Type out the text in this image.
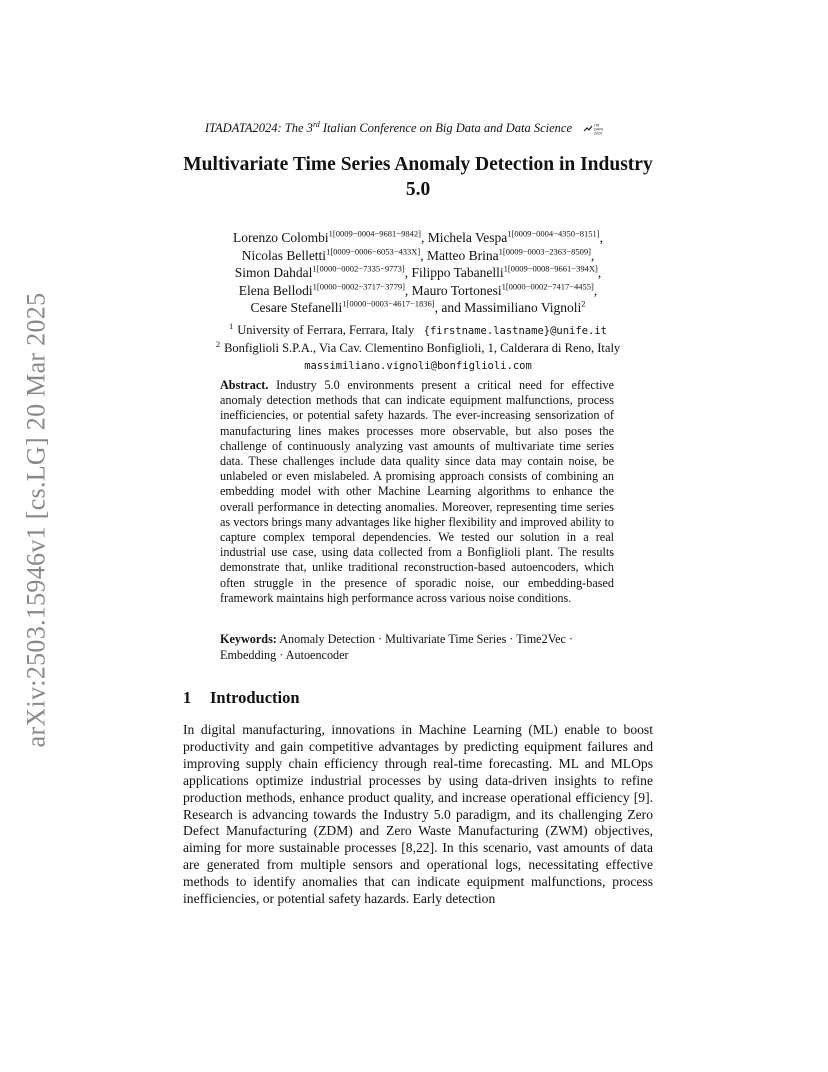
arXiv:2503.15946v1 [cs.LG] 20 Mar 2025
ITADATA2024: The 3rd Italian Conference on Big Data and Data Science	ITA
DATA
2024
Multivariate Time Series Anomaly Detection in Industry 5.0
Lorenzo Colombi$^{1[0009-0004-9681-9842]}$, Michela Vespa$^{1[0009-0004-4350-8151]}$,
Nicolas Belletti$^{1[0009-0006-6053-433X]}$, Matteo Brina$^{1[0009-0003-2363-8509]}$,
Simon Dahdal$^{1[0000-0002-7335-9773]}$, Filippo Tabanelli$^{1[0009-0008-9661-394X]}$,
Elena Bellodi$^{1[0000-0002-3717-3779]}$, Mauro Tortonesi$^{1[0000-0002-7417-4455]}$,
Cesare Stefanelli$^{1[0000-0003-4617-1836]}$, and Massimiliano Vignoli$^2$
$^1$ University of Ferrara, Ferrara, Italy {firstname.lastname}@unife.it
$^2$ Bonfiglioli S.P.A., Via Cav. Clementino Bonfiglioli, 1, Calderara di Reno, Italy
massimiliano.vignoli@bonfiglioli.com

Abstract. Industry 5.0 environments present a critical need for effective anomaly detection methods that can indicate equipment malfunctions, process inefficiencies, or potential safety hazards. The ever-increasing sensorization of manufacturing lines makes processes more observable, but also poses the challenge of continuously analyzing vast amounts of multivariate time series data. These challenges include data quality since data may contain noise, be unlabeled or even mislabeled. A promising approach consists of combining an embedding model with other Machine Learning algorithms to enhance the overall performance in detecting anomalies. Moreover, representing time series as vectors brings many advantages like higher flexibility and improved ability to capture complex temporal dependencies. We tested our solution in a real industrial use case, using data collected from a Bonfiglioli plant. The results demonstrate that, unlike traditional reconstruction-based autoencoders, which often struggle in the presence of sporadic noise, our embedding-based framework maintains high performance across various noise conditions.

Keywords: Anomaly Detection · Multivariate Time Series · Time2Vec · Embedding · Autoencoder

1 Introduction

In digital manufacturing, innovations in Machine Learning (ML) enable to boost productivity and gain competitive advantages by predicting equipment failures and improving supply chain efficiency through real-time forecasting. ML and MLOps applications optimize industrial processes by using data-driven insights to refine production methods, enhance product quality, and increase operational efficiency [9]. Research is advancing towards the Industry 5.0 paradigm, and its challenging Zero Defect Manufacturing (ZDM) and Zero Waste Manufacturing (ZWM) objectives, aiming for more sustainable processes [8,22]. In this scenario, vast amounts of data are generated from multiple sensors and operational logs, necessitating effective methods to identify anomalies that can indicate equipment malfunctions, process inefficiencies, or potential safety hazards. Early detection
